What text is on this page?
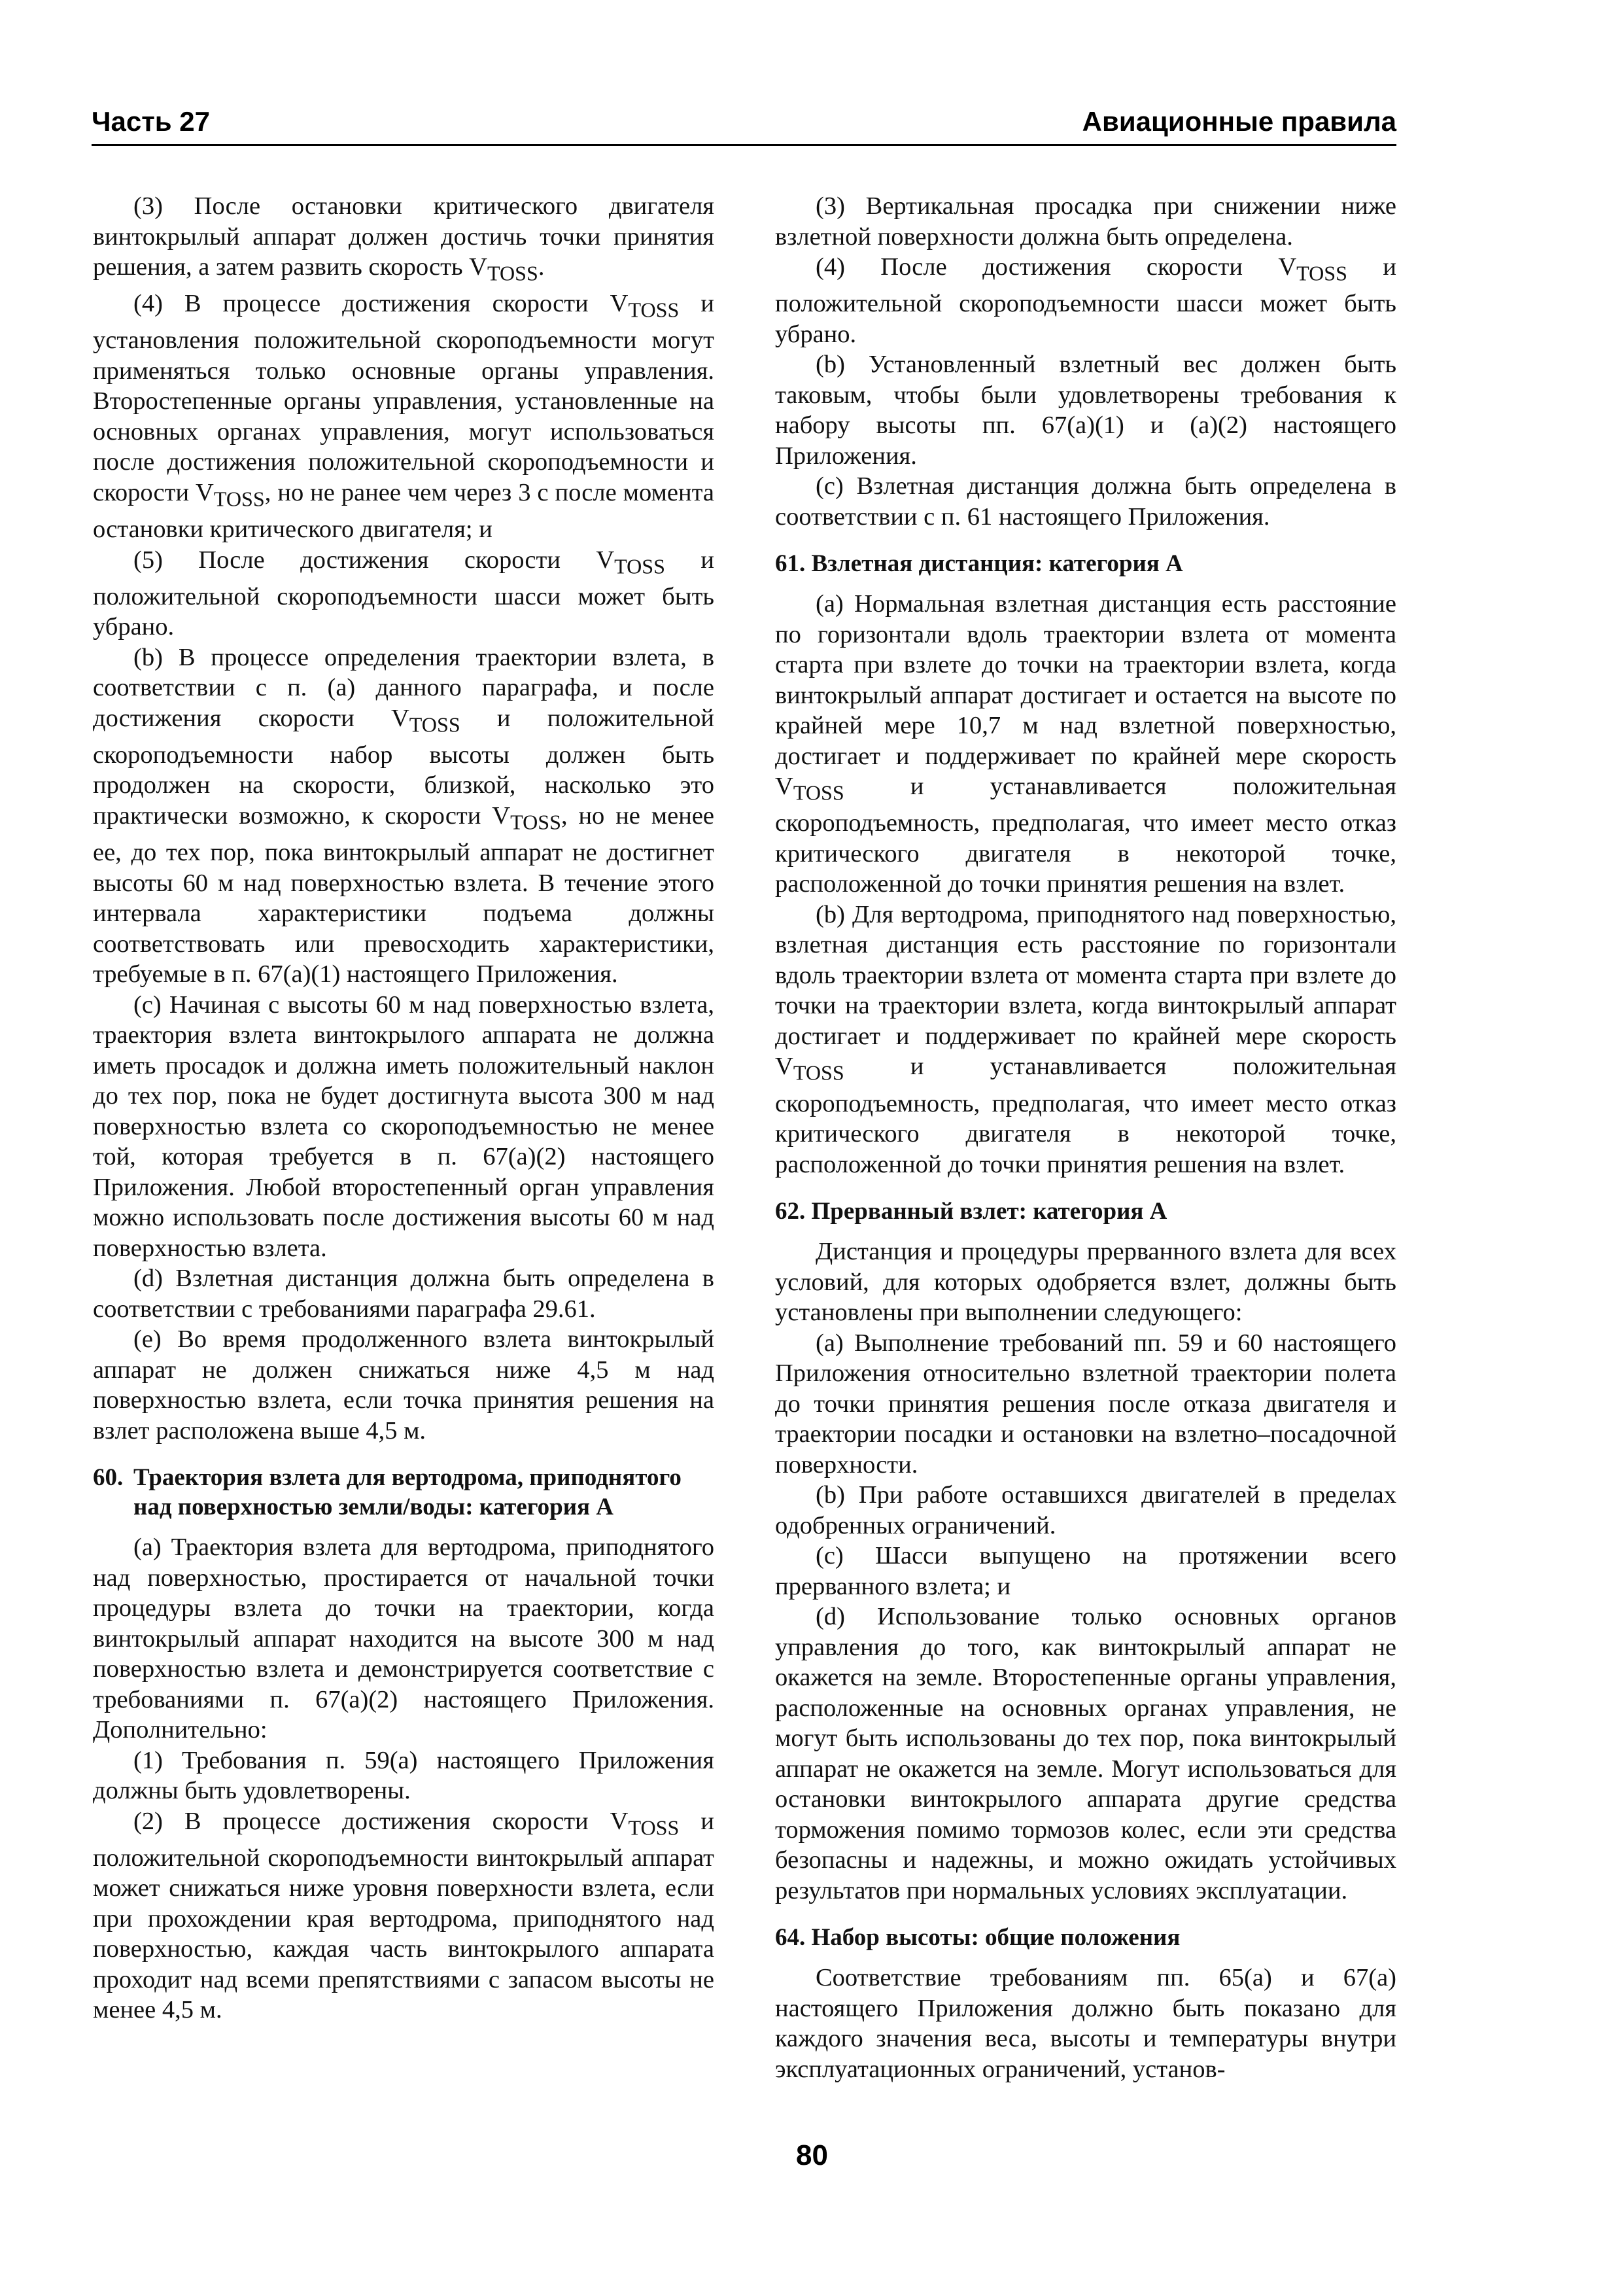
Часть 27	Авиационные правила

(3) После остановки критического двигателя винтокрылый аппарат должен достичь точки принятия решения, а затем развить скорость $V_{TOSS}$.

(4) В процессе достижения скорости $V_{TOSS}$ и установления положительной скороподъемности могут применяться только основные органы управления. Второстепенные органы управления, установленные на основных органах управления, могут использоваться после достижения положительной скороподъемности и скорости $V_{TOSS}$, но не ранее чем через 3 с после момента остановки критического двигателя; и

(5) После достижения скорости $V_{TOSS}$ и положительной скороподъемности шасси может быть убрано.

(b) В процессе определения траектории взлета, в соответствии с п. (a) данного параграфа, и после достижения скорости $V_{TOSS}$ и положительной скороподъемности набор высоты должен быть продолжен на скорости, близкой, насколько это практически возможно, к скорости $V_{TOSS}$, но не менее ее, до тех пор, пока винтокрылый аппарат не достигнет высоты 60 м над поверхностью взлета. В течение этого интервала характеристики подъема должны соответствовать или превосходить характеристики, требуемые в п. 67(a)(1) настоящего Приложения.

(c) Начиная с высоты 60 м над поверхностью взлета, траектория взлета винтокрылого аппарата не должна иметь просадок и должна иметь положительный наклон до тех пор, пока не будет достигнута высота 300 м над поверхностью взлета со скороподъемностью не менее той, которая требуется в п. 67(a)(2) настоящего Приложения. Любой второстепенный орган управления можно использовать после достижения высоты 60 м над поверхностью взлета.

(d) Взлетная дистанция должна быть определена в соответствии с требованиями параграфа 29.61.

(e) Во время продолженного взлета винтокрылый аппарат не должен снижаться ниже 4,5 м над поверхностью взлета, если точка принятия решения на взлет расположена выше 4,5 м.

60. Траектория взлета для вертодрома, приподнятого над поверхностью земли/воды: категория А

(a) Траектория взлета для вертодрома, приподнятого над поверхностью, простирается от начальной точки процедуры взлета до точки на траектории, когда винтокрылый аппарат находится на высоте 300 м над поверхностью взлета и демонстрируется соответствие с требованиями п. 67(a)(2) настоящего Приложения. Дополнительно:

(1) Требования п. 59(a) настоящего Приложения должны быть удовлетворены.

(2) В процессе достижения скорости $V_{TOSS}$ и положительной скороподъемности винтокрылый аппарат может снижаться ниже уровня поверхности взлета, если при прохождении края вертодрома, приподнятого над поверхностью, каждая часть винтокрылого аппарата проходит над всеми препятствиями с запасом высоты не менее 4,5 м.

(3) Вертикальная просадка при снижении ниже взлетной поверхности должна быть определена.

(4) После достижения скорости $V_{TOSS}$ и положительной скороподъемности шасси может быть убрано.

(b) Установленный взлетный вес должен быть таковым, чтобы были удовлетворены требования к набору высоты пп. 67(a)(1) и (a)(2) настоящего Приложения.

(c) Взлетная дистанция должна быть определена в соответствии с п. 61 настоящего Приложения.

61. Взлетная дистанция: категория А

(a) Нормальная взлетная дистанция есть расстояние по горизонтали вдоль траектории взлета от момента старта при взлете до точки на траектории взлета, когда винтокрылый аппарат достигает и остается на высоте по крайней мере 10,7 м над взлетной поверхностью, достигает и поддерживает по крайней мере скорость $V_{TOSS}$ и устанавливается положительная скороподъемность, предполагая, что имеет место отказ критического двигателя в некоторой точке, расположенной до точки принятия решения на взлет.

(b) Для вертодрома, приподнятого над поверхностью, взлетная дистанция есть расстояние по горизонтали вдоль траектории взлета от момента старта при взлете до точки на траектории взлета, когда винтокрылый аппарат достигает и поддерживает по крайней мере скорость $V_{TOSS}$ и устанавливается положительная скороподъемность, предполагая, что имеет место отказ критического двигателя в некоторой точке, расположенной до точки принятия решения на взлет.

62. Прерванный взлет: категория А

Дистанция и процедуры прерванного взлета для всех условий, для которых одобряется взлет, должны быть установлены при выполнении следующего:

(a) Выполнение требований пп. 59 и 60 настоящего Приложения относительно взлетной траектории полета до точки принятия решения после отказа двигателя и траектории посадки и остановки на взлетно–посадочной поверхности.

(b) При работе оставшихся двигателей в пределах одобренных ограничений.

(c) Шасси выпущено на протяжении всего прерванного взлета; и

(d) Использование только основных органов управления до того, как винтокрылый аппарат не окажется на земле. Второстепенные органы управления, расположенные на основных органах управления, не могут быть использованы до тех пор, пока винтокрылый аппарат не окажется на земле. Могут использоваться для остановки винтокрылого аппарата другие средства торможения помимо тормозов колес, если эти средства безопасны и надежны, и можно ожидать устойчивых результатов при нормальных условиях эксплуатации.

64. Набор высоты: общие положения

Соответствие требованиям пп. 65(a) и 67(a) настоящего Приложения должно быть показано для каждого значения веса, высоты и температуры внутри эксплуатационных ограничений, установ-

80
